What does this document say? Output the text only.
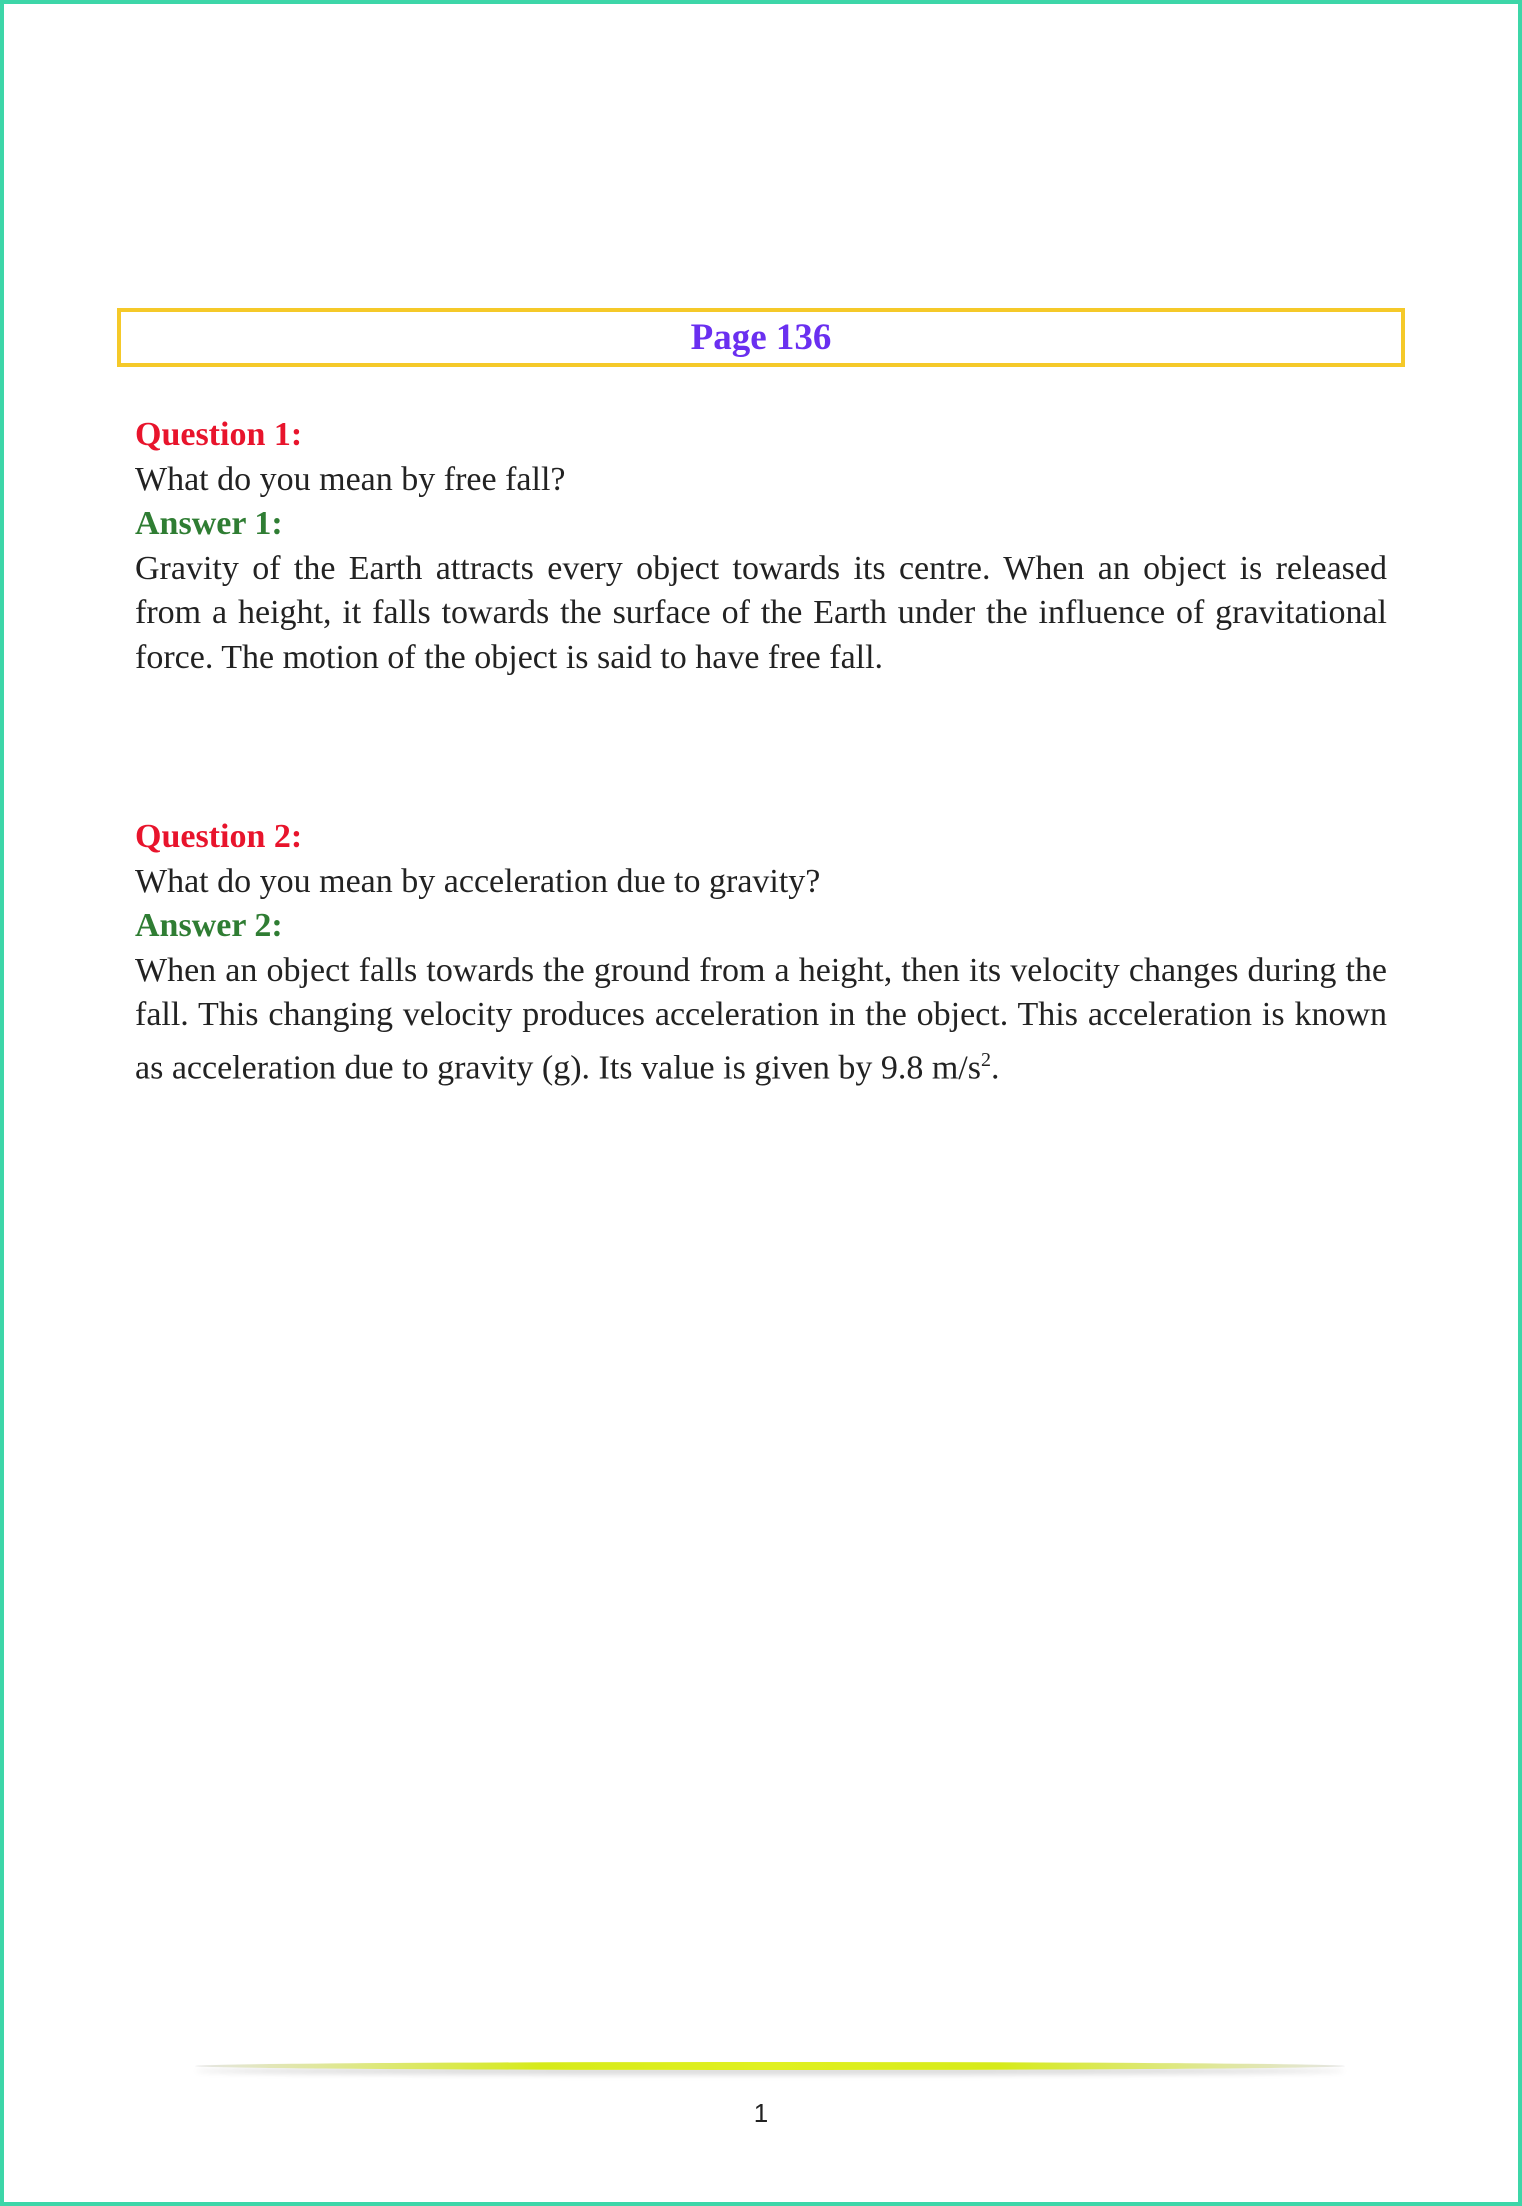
Page 136
Question 1:
What do you mean by free fall?
Answer 1:
Gravity of the Earth attracts every object towards its centre. When an object is released from a height, it falls towards the surface of the Earth under the influence of gravitational force. The motion of the object is said to have free fall.
Question 2:
What do you mean by acceleration due to gravity?
Answer 2:
When an object falls towards the ground from a height, then its velocity changes during the fall. This changing velocity produces acceleration in the object. This acceleration is known as acceleration due to gravity (g). Its value is given by 9.8 $m/s^2$.
1
